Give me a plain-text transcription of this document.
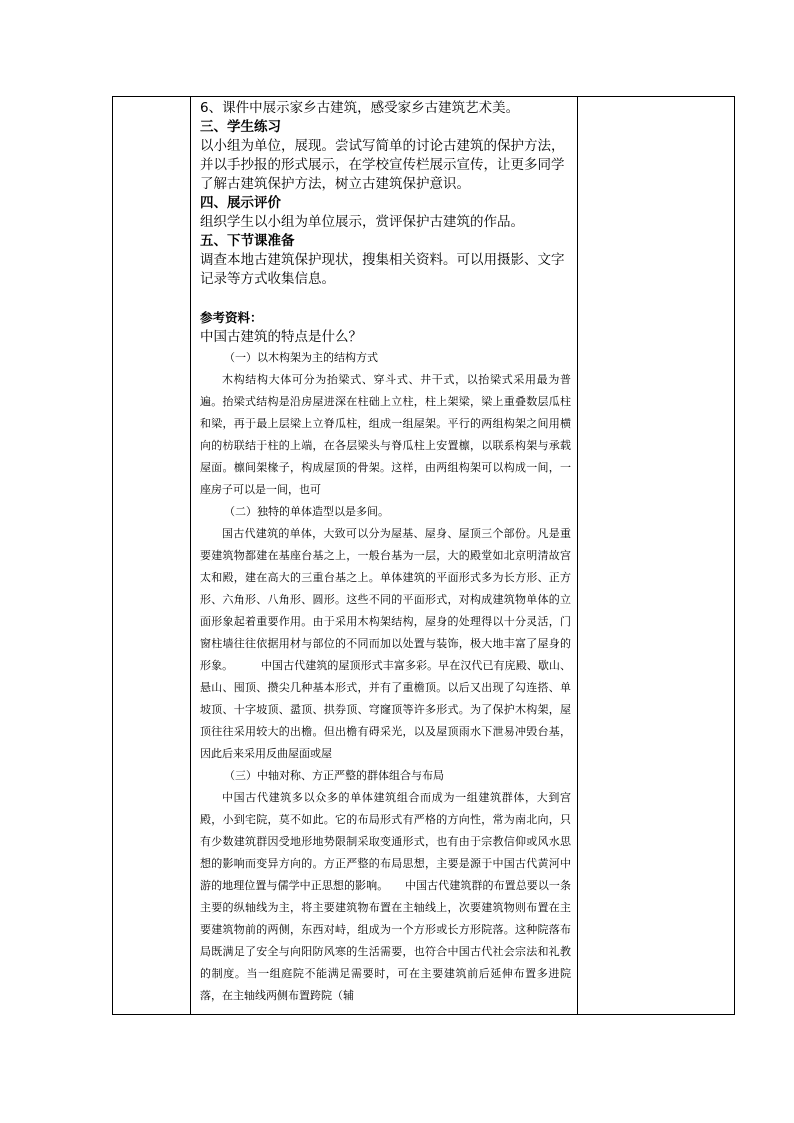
6、课件中展示家乡古建筑，感受家乡古建筑艺术美。

三、学生练习

以小组为单位，展现。尝试写简单的讨论古建筑的保护方法，并以手抄报的形式展示，在学校宣传栏展示宣传，让更多同学了解古建筑保护方法，树立古建筑保护意识。

四、展示评价

组织学生以小组为单位展示，赏评保护古建筑的作品。

五、下节课准备

调查本地古建筑保护现状，搜集相关资料。可以用摄影、文字记录等方式收集信息。

参考资料：

中国古建筑的特点是什么？

（一）以木构架为主的结构方式

木构结构大体可分为抬梁式、穿斗式、井干式，以抬梁式采用最为普遍。抬梁式结构是沿房屋进深在柱础上立柱，柱上架梁，梁上重叠数层瓜柱和梁，再于最上层梁上立脊瓜柱，组成一组屋架。平行的两组构架之间用横向的枋联结于柱的上端，在各层梁头与脊瓜柱上安置檩，以联系构架与承载屋面。檩间架椽子，构成屋顶的骨架。这样，由两组构架可以构成一间，一座房子可以是一间，也可

（二）独特的单体造型以是多间。

国古代建筑的单体，大致可以分为屋基、屋身、屋顶三个部份。凡是重要建筑物都建在基座台基之上，一般台基为一层，大的殿堂如北京明清故宫太和殿，建在高大的三重台基之上。单体建筑的平面形式多为长方形、正方形、六角形、八角形、圆形。这些不同的平面形式，对构成建筑物单体的立面形象起着重要作用。由于采用木构架结构，屋身的处理得以十分灵活，门窗柱墙往往依据用材与部位的不同而加以处置与装饰，极大地丰富了屋身的形象。　　　中国古代建筑的屋顶形式丰富多彩。早在汉代已有庑殿、歇山、悬山、囤顶、攒尖几种基本形式，并有了重檐顶。以后又出现了勾连搭、单坡顶、十字坡顶、盝顶、拱券顶、穹窿顶等许多形式。为了保护木构架，屋顶往往采用较大的出檐。但出檐有碍采光，以及屋顶雨水下泄易冲毁台基，因此后来采用反曲屋面或屋

（三）中轴对称、方正严整的群体组合与布局

中国古代建筑多以众多的单体建筑组合而成为一组建筑群体，大到宫殿，小到宅院，莫不如此。它的布局形式有严格的方向性，常为南北向，只有少数建筑群因受地形地势限制采取变通形式，也有由于宗教信仰或风水思想的影响而变异方向的。方正严整的布局思想，主要是源于中国古代黄河中游的地理位置与儒学中正思想的影响。　　中国古代建筑群的布置总要以一条主要的纵轴线为主，将主要建筑物布置在主轴线上，次要建筑物则布置在主要建筑物前的两侧，东西对峙，组成为一个方形或长方形院落。这种院落布局既满足了安全与向阳防风寒的生活需要，也符合中国古代社会宗法和礼教的制度。当一组庭院不能满足需要时，可在主要建筑前后延伸布置多进院落，在主轴线两侧布置跨院（辅
